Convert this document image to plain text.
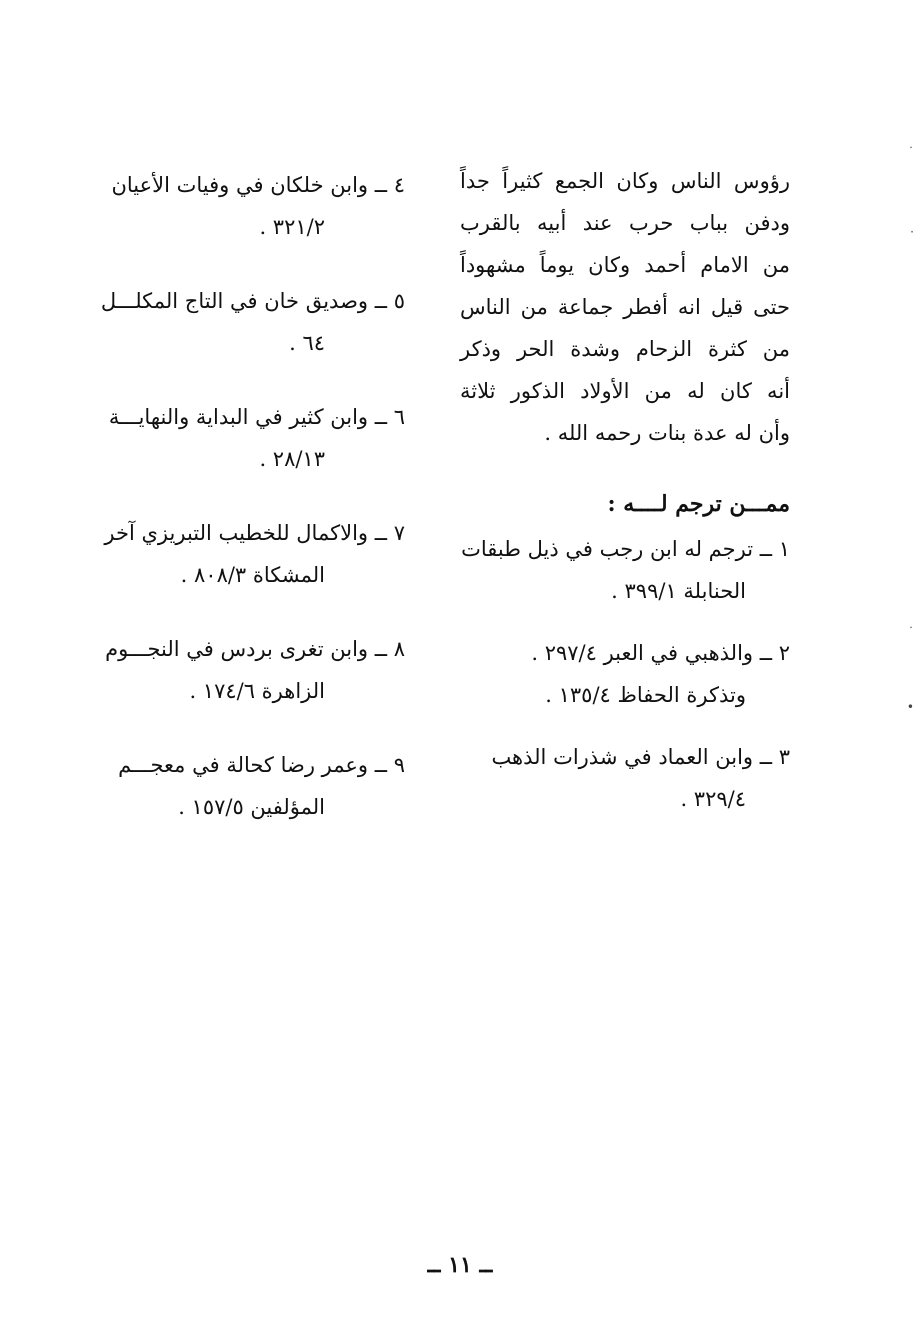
رؤوس الناس وكان الجمع كثيراً جداً
ودفن بباب حرب عند أبيه بالقرب
من الامام أحمد وكان يوماً مشهوداً
حتى قيل انه أفطر جماعة من الناس
من كثرة الزحام وشدة الحر وذكر
أنه كان له من الأولاد الذكور ثلاثة
وأن له عدة بنات رحمه الله .
ممـــن ترجم لــــه :
١ ــ ترجم له ابن رجب في ذيل طبقات
الحنابلة ٣٩٩/١ .
٢ ــ والذهبي في العبر ٢٩٧/٤ .
وتذكرة الحفاظ ١٣٥/٤ .
٣ ــ وابن العماد في شذرات الذهب
٣٢٩/٤ .
٤ ــ وابن خلكان في وفيات الأعيان
٣٢١/٢ .
٥ ــ وصديق خان في التاج المكلـــل
٦٤ .
٦ ــ وابن كثير في البداية والنهايـــة
٢٨/١٣ .
٧ ــ والاكمال للخطيب التبريزي آخر
المشكاة ٨٠٨/٣ .
٨ ــ وابن تغرى بردس في النجـــوم
الزاهرة ١٧٤/٦ .
٩ ــ وعمر رضا كحالة في معجـــم
المؤلفين ١٥٧/٥ .
ــ ١١ ــ
˙
·
˙
•
